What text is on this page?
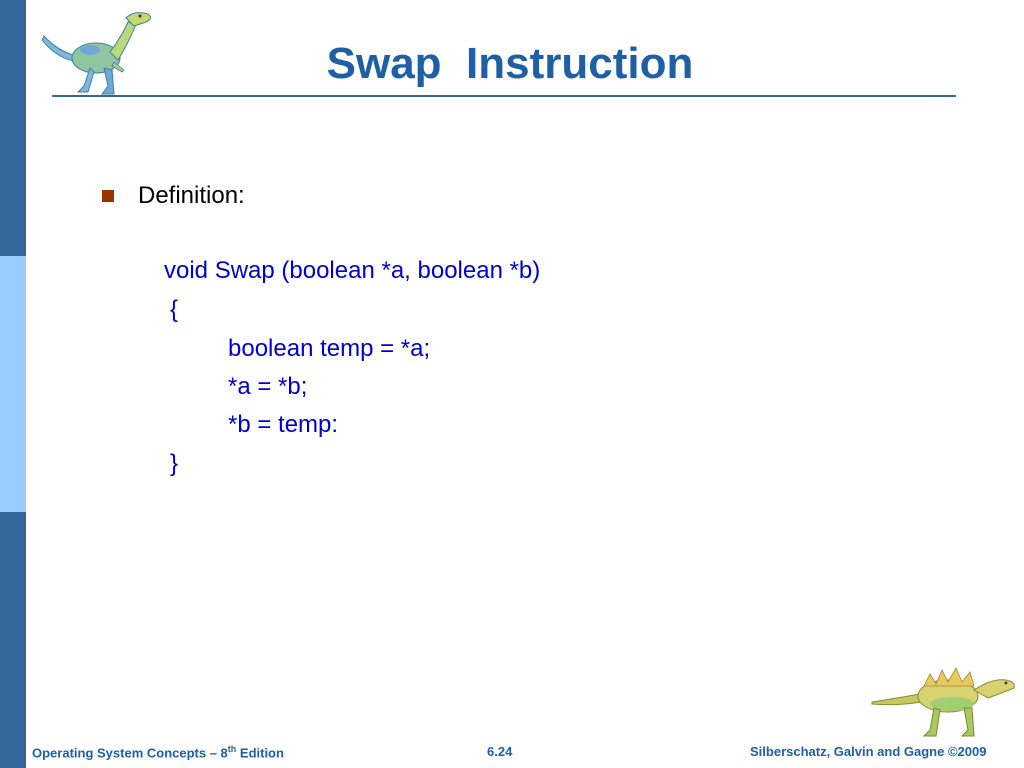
Swap  Instruction
Definition:
void Swap (boolean *a, boolean *b)
{
boolean temp = *a;
*a = *b;
*b = temp:
}
Operating System Concepts – 8th Edition	6.24	Silberschatz, Galvin and Gagne ©2009
